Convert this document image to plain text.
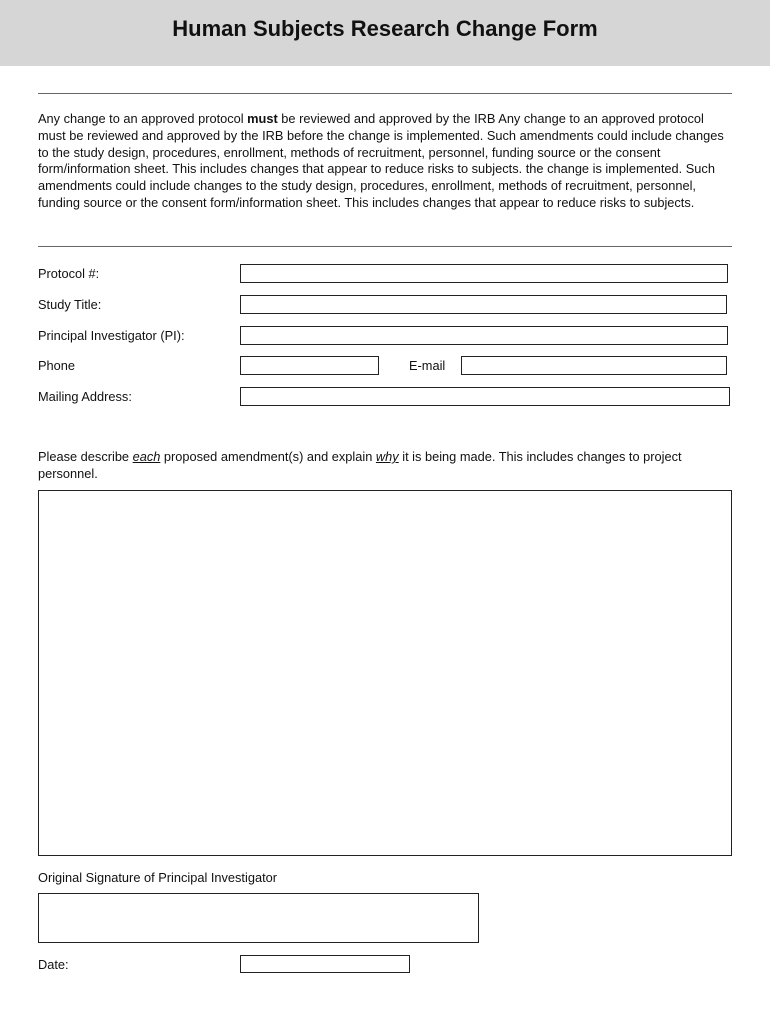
Human Subjects Research Change Form

Any change to an approved protocol must be reviewed and approved by the IRB Any change to an approved protocol must be reviewed and approved by the IRB before the change is implemented. Such amendments could include changes to the study design, procedures, enrollment, methods of recruitment, personnel, funding source or the consent form/information sheet. This includes changes that appear to reduce risks to subjects. the change is implemented. Such amendments could include changes to the study design, procedures, enrollment, methods of recruitment, personnel, funding source or the consent form/information sheet. This includes changes that appear to reduce risks to subjects.

Protocol #:
Study Title:
Principal Investigator (PI):
Phone	E-mail
Mailing Address:

Please describe each proposed amendment(s) and explain why it is being made. This includes changes to project personnel.

Original Signature of Principal Investigator
Date:
